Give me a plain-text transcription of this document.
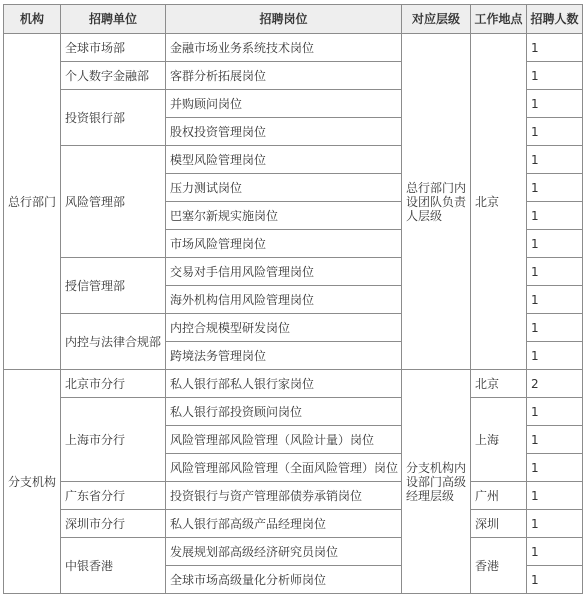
机构	招聘单位	招聘岗位	对应层级	工作地点	招聘人数
总行部门	全球市场部	金融市场业务系统技术岗位	总行部门内设团队负责人层级	北京	1
	个人数字金融部	客群分析拓展岗位			1
	投资银行部	并购顾问岗位			1
		股权投资管理岗位			1
	风险管理部	模型风险管理岗位			1
		压力测试岗位			1
		巴塞尔新规实施岗位			1
		市场风险管理岗位			1
	授信管理部	交易对手信用风险管理岗位			1
		海外机构信用风险管理岗位			1
	内控与法律合规部	内控合规模型研发岗位			1
		跨境法务管理岗位			1
分支机构	北京市分行	私人银行部私人银行家岗位	分支机构内设部门高级经理层级	北京	2
	上海市分行	私人银行部投资顾问岗位		上海	1
		风险管理部风险管理（风险计量）岗位			1
		风险管理部风险管理（全面风险管理）岗位			1
	广东省分行	投资银行与资产管理部债券承销岗位		广州	1
	深圳市分行	私人银行部高级产品经理岗位		深圳	1
	中银香港	发展规划部高级经济研究员岗位		香港	1
		全球市场高级量化分析师岗位			1
